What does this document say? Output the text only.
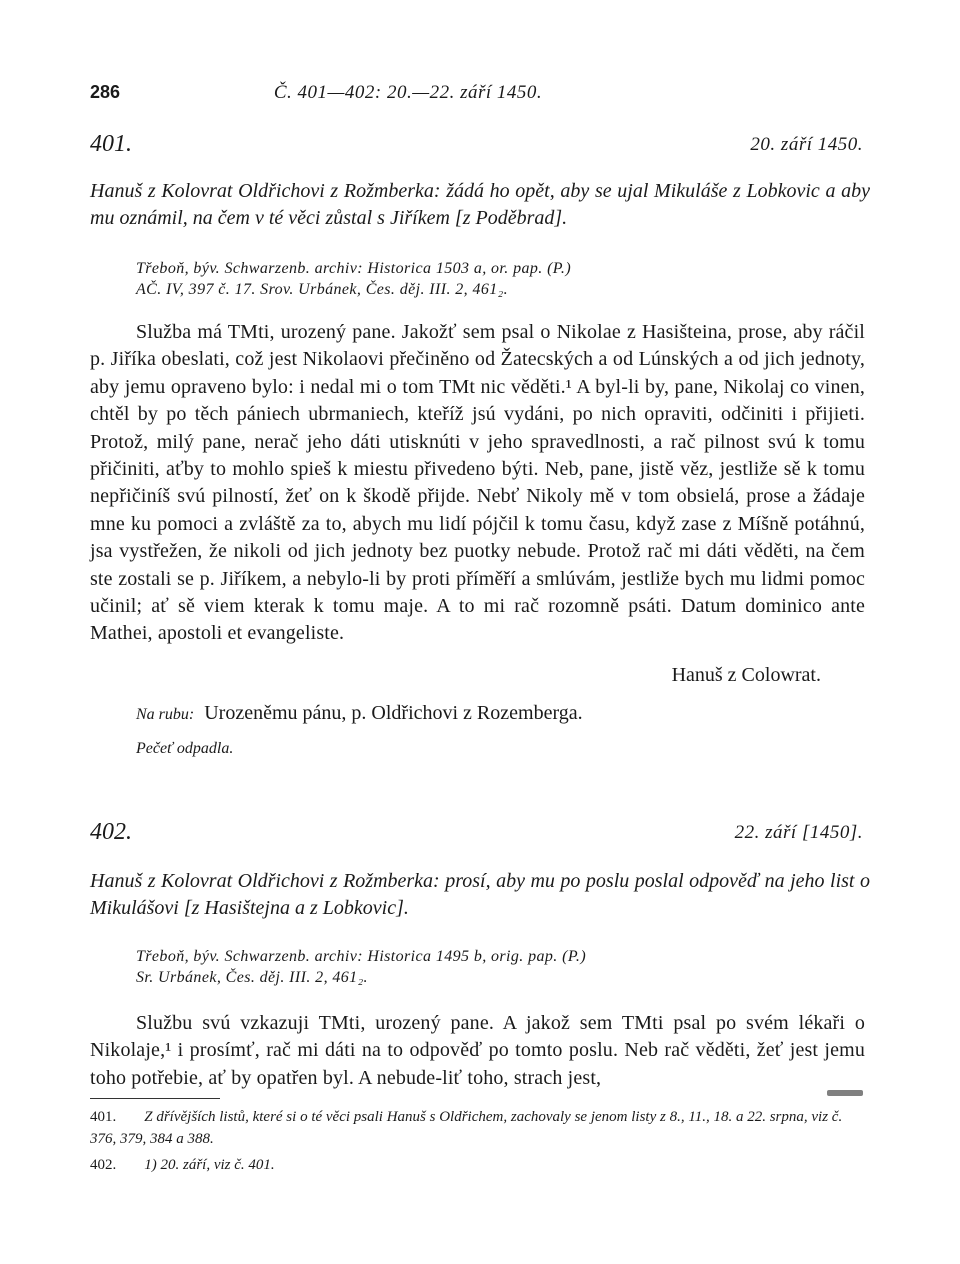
286	Č. 401—402: 20.—22. září 1450.
401.	20. září 1450.
Hanuš z Kolovrat Oldřichovi z Rožmberka: žádá ho opět, aby se ujal Mikuláše z Lobkovic a aby mu oznámil, na čem v té věci zůstal s Jiříkem [z Poděbrad].
Třeboň, býv. Schwarzenb. archiv: Historica 1503 a, or. pap. (P.)
AČ. IV, 397 č. 17. Srov. Urbánek, Čes. děj. III. 2, 461₂.
Služba má TMti, urozený pane. Jakožť sem psal o Nikolae z Hasišteina, prose, aby ráčil p. Jiříka obeslati, což jest Nikolaovi přečiněno od Žatecských a od Lúnských a od jich jednoty, aby jemu opraveno bylo: i nedal mi o tom TMt nic věděti.¹ A byl-li by, pane, Nikolaj co vinen, chtěl by po těch pániech ubrmaniech, kteříž jsú vydáni, po nich opraviti, odčiniti i přijieti. Protož, milý pane, nerač jeho dáti utisknúti v jeho spravedlnosti, a rač pilnost svú k tomu přičiniti, aťby to mohlo spieš k miestu přivedeno býti. Neb, pane, jistě věz, jestliže sě k tomu nepřičiníš svú pilností, žeť on k škodě přijde. Nebť Nikoly mě v tom obsielá, prose a žádaje mne ku pomoci a zvláště za to, abych mu lidí pójčil k tomu času, když zase z Míšně potáhnú, jsa vystřežen, že nikoli od jich jednoty bez puotky nebude. Protož rač mi dáti věděti, na čem ste zostali se p. Jiříkem, a nebylo-li by proti příměří a smlúvám, jestliže bych mu lidmi pomoc učinil; ať sě viem kterak k tomu maje. A to mi rač rozomně psáti. Datum dominico ante Mathei, apostoli et evangeliste.
Hanuš z Colowrat.
Na rubu: Urozeněmu pánu, p. Oldřichovi z Rozemberga.
Pečeť odpadla.
402.	22. září [1450].
Hanuš z Kolovrat Oldřichovi z Rožmberka: prosí, aby mu po poslu poslal odpověď na jeho list o Mikulášovi [z Hasištejna a z Lobkovic].
Třeboň, býv. Schwarzenb. archiv: Historica 1495 b, orig. pap. (P.)
Sr. Urbánek, Čes. děj. III. 2, 461₂.
Službu svú vzkazuji TMti, urozený pane. A jakož sem TMti psal po svém lékaři o Nikolaje,¹ i prosímť, rač mi dáti na to odpověď po tomto poslu. Neb rač věděti, žeť jest jemu toho potřebie, ať by opatřen byl. A nebude-liť toho, strach jest,
401. Z dřívějších listů, které si o té věci psali Hanuš s Oldřichem, zachovaly se jenom listy z 8., 11., 18. a 22. srpna, viz č. 376, 379, 384 a 388.
402. 1) 20. září, viz č. 401.
